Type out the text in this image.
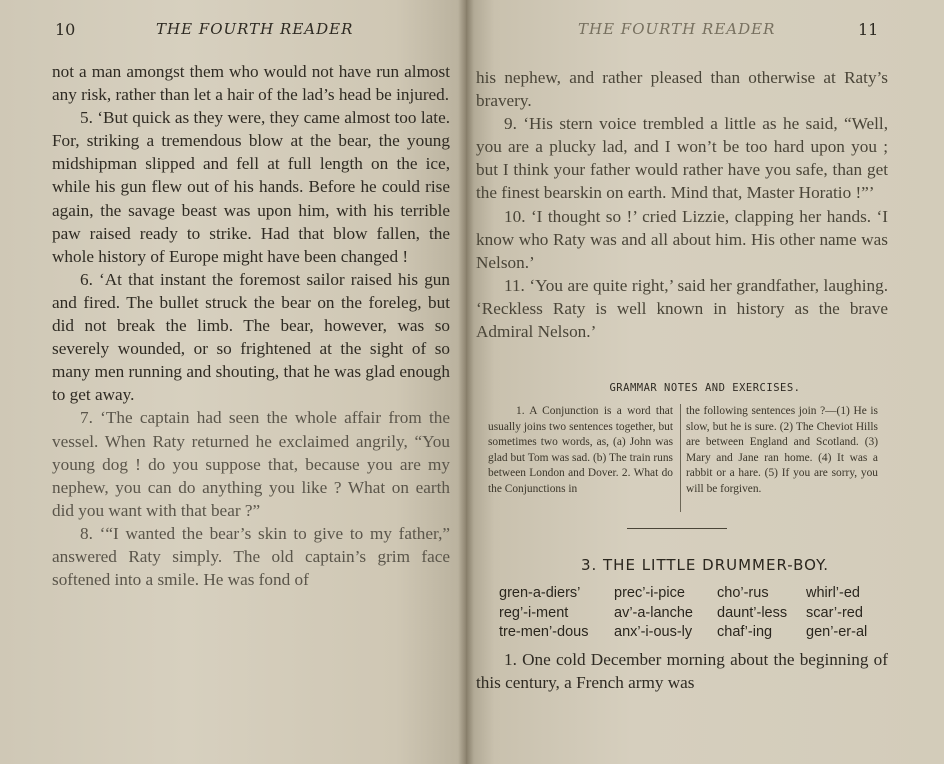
10	THE FOURTH READER

not a man amongst them who would not have run almost any risk, rather than let a hair of the lad’s head be injured.

5. ‘But quick as they were, they came almost too late. For, striking a tremendous blow at the bear, the young midshipman slipped and fell at full length on the ice, while his gun flew out of his hands. Before he could rise again, the savage beast was upon him, with his terrible paw raised ready to strike. Had that blow fallen, the whole history of Europe might have been changed !

6. ‘At that instant the foremost sailor raised his gun and fired. The bullet struck the bear on the foreleg, but did not break the limb. The bear, however, was so severely wounded, or so frightened at the sight of so many men running and shouting, that he was glad enough to get away.

7. ‘The captain had seen the whole affair from the vessel. When Raty returned he exclaimed angrily, “You young dog ! do you suppose that, because you are my nephew, you can do anything you like ? What on earth did you want with that bear ?”

8. ‘“I wanted the bear’s skin to give to my father,” answered Raty simply. The old captain’s grim face softened into a smile. He was fond of

THE FOURTH READER	11

his nephew, and rather pleased than otherwise at Raty’s bravery.

9. ‘His stern voice trembled a little as he said, “Well, you are a plucky lad, and I won’t be too hard upon you ; but I think your father would rather have you safe, than get the finest bearskin on earth. Mind that, Master Horatio !”’

10. ‘I thought so !’ cried Lizzie, clapping her hands. ‘I know who Raty was and all about him. His other name was Nelson.’

11. ‘You are quite right,’ said her grandfather, laughing. ‘Reckless Raty is well known in history as the brave Admiral Nelson.’

GRAMMAR NOTES AND EXERCISES.

1. A Conjunction is a word that usually joins two sentences together, but sometimes two words, as, (a) John was glad but Tom was sad. (b) The train runs between London and Dover. 2. What do the Conjunctions in

the following sentences join ?—(1) He is slow, but he is sure. (2) The Cheviot Hills are between England and Scotland. (3) Mary and Jane ran home. (4) It was a rabbit or a hare. (5) If you are sorry, you will be forgiven.

3. THE LITTLE DRUMMER-BOY.
gren-a-diers’
reg’-i-ment
tre-men’-dous
prec’-i-pice
av’-a-lanche
anx’-i-ous-ly
cho’-rus
daunt’-less
chaf’-ing
whirl’-ed
scar’-red
gen’-er-al

1. One cold December morning about the beginning of this century, a French army was
